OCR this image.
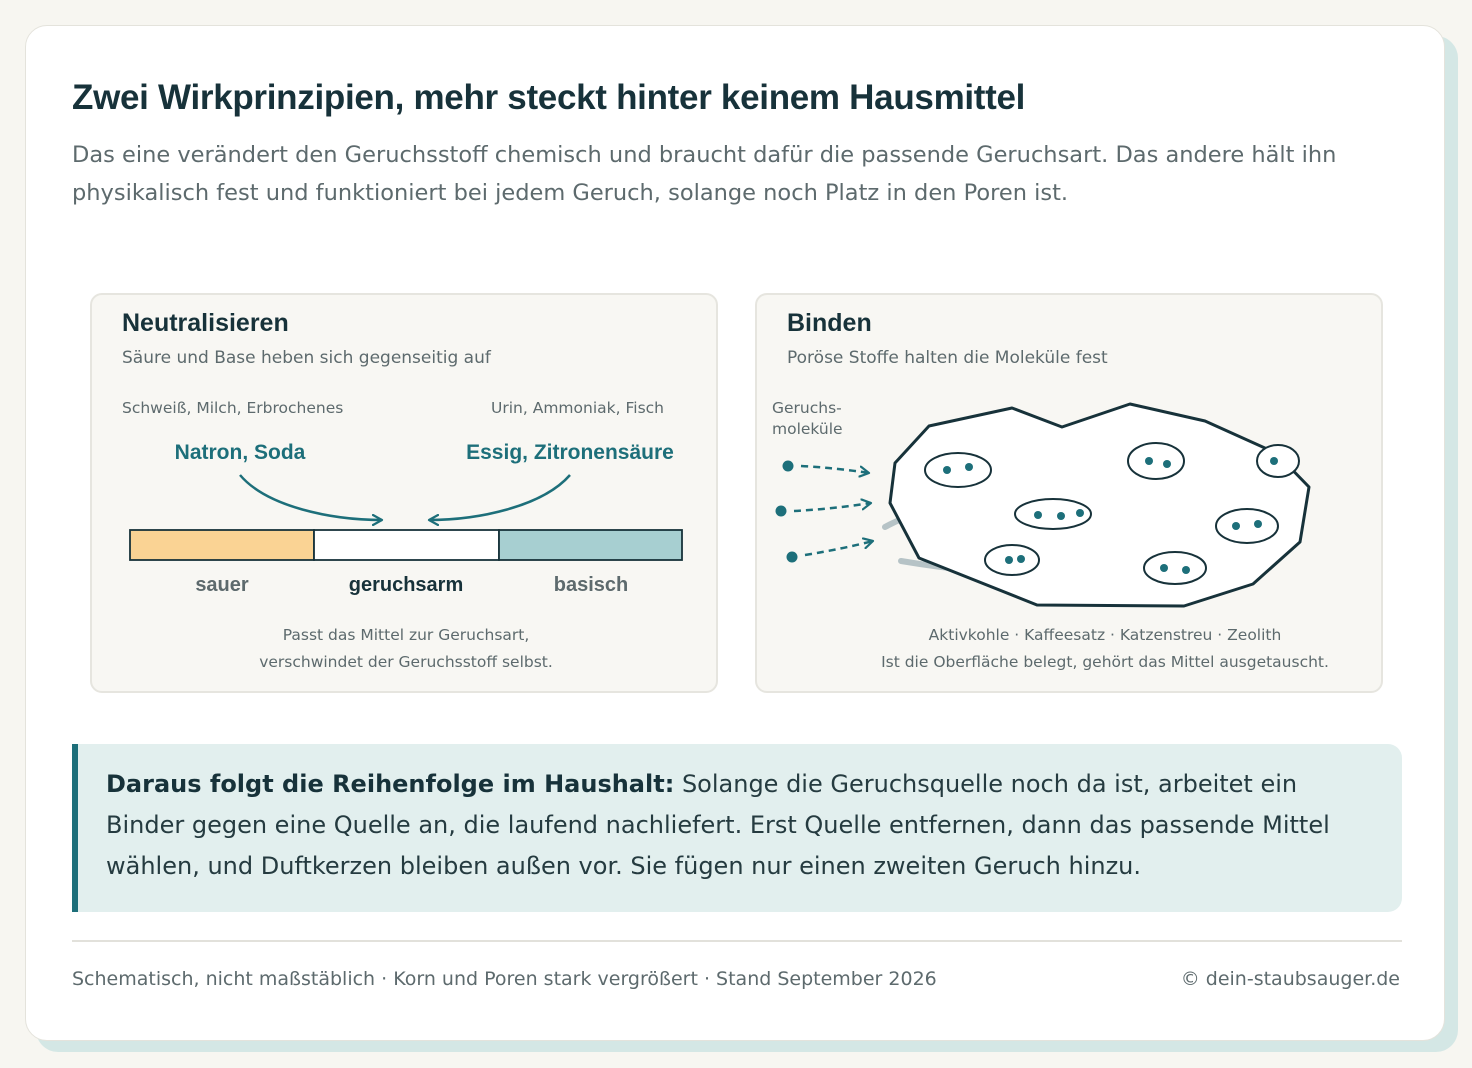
Zwei Wirkprinzipien, mehr steckt hinter keinem Hausmittel

Das eine verändert den Geruchsstoff chemisch und braucht dafür die passende Geruchsart. Das andere hält ihn physikalisch fest und funktioniert bei jedem Geruch, solange noch Platz in den Poren ist.

Neutralisieren
Säure und Base heben sich gegenseitig auf
Schweiß, Milch, Erbrochenes	Urin, Ammoniak, Fisch
Natron, Soda	Essig, Zitronensäure
sauer	geruchsarm	basisch
Passt das Mittel zur Geruchsart,
verschwindet der Geruchsstoff selbst.
Binden
Poröse Stoffe halten die Moleküle fest
Geruchs-
moleküle
Aktivkohle · Kaffeesatz · Katzenstreu · Zeolith
Ist die Oberfläche belegt, gehört das Mittel ausgetauscht.
Daraus folgt die Reihenfolge im Haushalt: Solange die Geruchsquelle noch da ist, arbeitet ein Binder gegen eine Quelle an, die laufend nachliefert. Erst Quelle entfernen, dann das passende Mittel wählen, und Duftkerzen bleiben außen vor. Sie fügen nur einen zweiten Geruch hinzu.
Schematisch, nicht maßstäblich · Korn und Poren stark vergrößert · Stand September 2026	© dein-staubsauger.de
